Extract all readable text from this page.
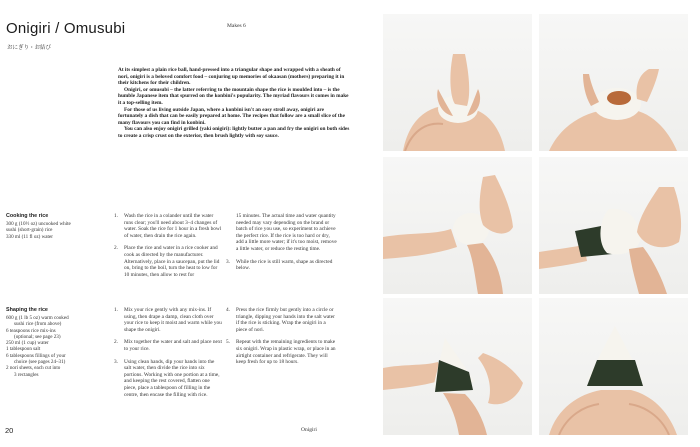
Onigiri / Omusubi
おにぎり・お結び
Makes 6

At its simplest a plain rice ball, hand-pressed into a triangular shape and wrapped with a sheath of nori, onigiri is a beloved comfort food – conjuring up memories of okaasan (mothers) preparing it in their kitchens for their children.

Onigiri, or omusubi – the latter referring to the mountain shape the rice is moulded into – is the humble Japanese item that spurred on the konbini's popularity. The myriad flavours it comes in make it a top-selling item.

For those of us living outside Japan, where a konbini isn't an easy stroll away, onigiri are fortunately a dish that can be easily prepared at home. The recipes that follow are a small slice of the many flavours you can find in konbini.

You can also enjoy onigiri grilled (yaki onigiri): lightly butter a pan and fry the onigiri on both sides to create a crisp crust on the exterior, then brush lightly with soy sauce.

Cooking the rice
300 g (10½ oz) uncooked white
sushi (short-grain) rice
330 ml (11 fl oz) water
1.	Wash the rice in a colander until the water runs clear; you'll need about 3–4 changes of water. Soak the rice for 1 hour in a fresh bowl of water, then drain the rice again.
2.	Place the rice and water in a rice cooker and cook as directed by the manufacturer. Alternatively, place in a saucepan, put the lid on, bring to the boil, turn the heat to low for 10 minutes, then allow to rest for
15 minutes. The actual time and water quantity needed may vary depending on the brand or batch of rice you use, so experiment to achieve the perfect rice. If the rice is too hard or dry, add a little more water; if it's too moist, remove a little water, or reduce the resting time.
3.	While the rice is still warm, shape as directed below.
Shaping the rice
600 g (1 lb 5 oz) warm cooked
sushi rice (from above)
6 teaspoons rice mix-ins
(optional; see page 23)
250 ml (1 cup) water
1 tablespoon salt
6 tablespoons fillings of your
choice (see pages 24–31)
2 nori sheets, each cut into
3 rectangles
1.	Mix your rice gently with any mix-ins. If using, then drape a damp, clean cloth over your rice to keep it moist and warm while you shape the onigiri.
2.	Mix together the water and salt and place next to your rice.
3.	Using clean hands, dip your hands into the salt water, then divide the rice into six portions. Working with one portion at a time, and keeping the rest covered, flatten one piece, place a tablespoon of filling in the centre, then encase the filling with rice.
4.	Press the rice firmly but gently into a circle or triangle, dipping your hands into the salt water if the rice is sticking. Wrap the onigiri in a piece of nori.
5.	Repeat with the remaining ingredients to make six onigiri. Wrap in plastic wrap, or place in an airtight container and refrigerate. They will keep fresh for up to 18 hours.
20	Onigiri
